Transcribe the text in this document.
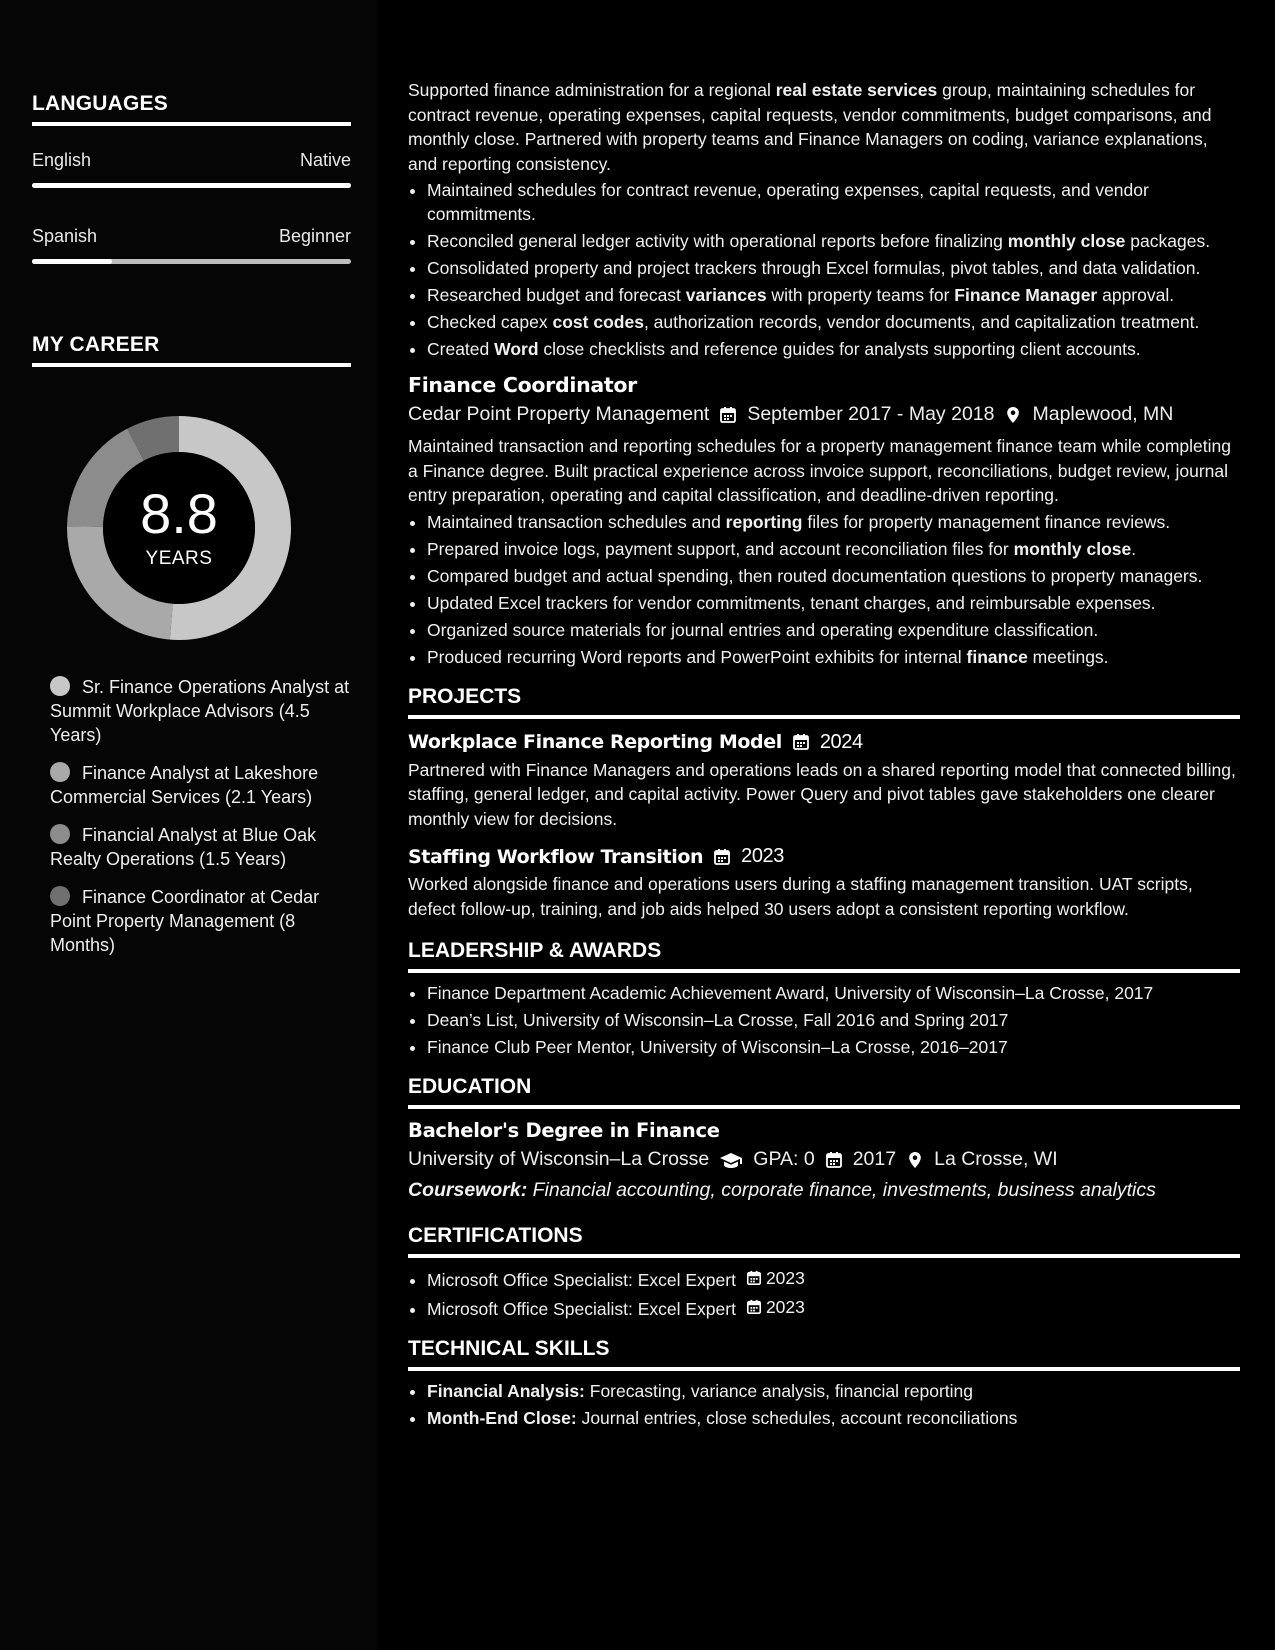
LANGUAGES
English	Native
Spanish	Beginner
MY CAREER
8.8
YEARS
Sr. Finance Operations Analyst at Summit Workplace Advisors (4.5 Years)
Finance Analyst at Lakeshore Commercial Services (2.1 Years)
Financial Analyst at Blue Oak Realty Operations (1.5 Years)
Finance Coordinator at Cedar Point Property Management (8 Months)

Supported finance administration for a regional real estate services group, maintaining schedules for contract revenue, operating expenses, capital requests, vendor commitments, budget comparisons, and monthly close. Partnered with property teams and Finance Managers on coding, variance explanations, and reporting consistency.

• Maintained schedules for contract revenue, operating expenses, capital requests, and vendor commitments.
• Reconciled general ledger activity with operational reports before finalizing monthly close packages.
• Consolidated property and project trackers through Excel formulas, pivot tables, and data validation.
• Researched budget and forecast variances with property teams for Finance Manager approval.
• Checked capex cost codes, authorization records, vendor documents, and capitalization treatment.
• Created Word close checklists and reference guides for analysts supporting client accounts.
Finance Coordinator
Cedar Point Property Management September 2017 - May 2018 Maplewood, MN

Maintained transaction and reporting schedules for a property management finance team while completing a Finance degree. Built practical experience across invoice support, reconciliations, budget review, journal entry preparation, operating and capital classification, and deadline-driven reporting.

• Maintained transaction schedules and reporting files for property management finance reviews.
• Prepared invoice logs, payment support, and account reconciliation files for monthly close.
• Compared budget and actual spending, then routed documentation questions to property managers.
• Updated Excel trackers for vendor commitments, tenant charges, and reimbursable expenses.
• Organized source materials for journal entries and operating expenditure classification.
• Produced recurring Word reports and PowerPoint exhibits for internal finance meetings.
PROJECTS
Workplace Finance Reporting Model 2024

Partnered with Finance Managers and operations leads on a shared reporting model that connected billing, staffing, general ledger, and capital activity. Power Query and pivot tables gave stakeholders one clearer monthly view for decisions.

Staffing Workflow Transition 2023

Worked alongside finance and operations users during a staffing management transition. UAT scripts, defect follow-up, training, and job aids helped 30 users adopt a consistent reporting workflow.

LEADERSHIP & AWARDS
• Finance Department Academic Achievement Award, University of Wisconsin–La Crosse, 2017
• Dean’s List, University of Wisconsin–La Crosse, Fall 2016 and Spring 2017
• Finance Club Peer Mentor, University of Wisconsin–La Crosse, 2016–2017
EDUCATION
Bachelor's Degree in Finance
University of Wisconsin–La Crosse GPA: 0 2017 La Crosse, WI
Coursework: Financial accounting, corporate finance, investments, business analytics
CERTIFICATIONS
• Microsoft Office Specialist: Excel Expert 2023
• Microsoft Office Specialist: Excel Expert 2023
TECHNICAL SKILLS
• Financial Analysis: Forecasting, variance analysis, financial reporting
• Month-End Close: Journal entries, close schedules, account reconciliations
